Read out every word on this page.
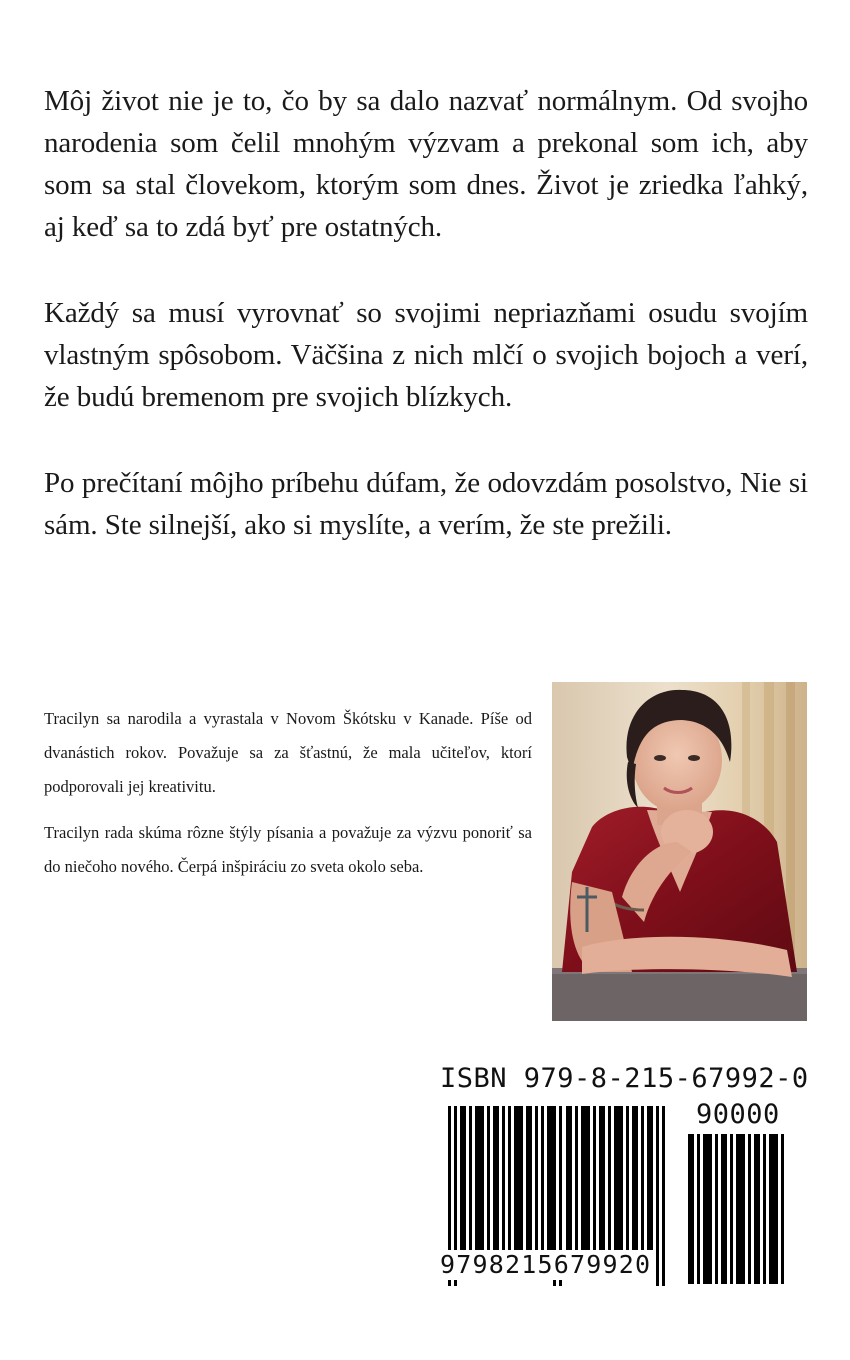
Môj život nie je to, čo by sa dalo nazvať normálnym. Od svojho narodenia som čelil mnohým výzvam a prekonal som ich, aby som sa stal človekom, ktorým som dnes. Život je zriedka ľahký, aj keď sa to zdá byť pre ostatných.

Každý sa musí vyrovnať so svojimi nepriazňami osudu svojím vlastným spôsobom. Väčšina z nich mlčí o svojich bojoch a verí, že budú bremenom pre svojich blízkych.

Po prečítaní môjho príbehu dúfam, že odovzdám posolstvo, Nie si sám. Ste silnejší, ako si myslíte, a verím, že ste prežili.

Tracilyn sa narodila a vyrastala v Novom Škótsku v Kanade. Píše od dvanástich rokov. Považuje sa za šťastnú, že mala učiteľov, ktorí podporovali jej kreativitu.

Tracilyn rada skúma rôzne štýly písania a považuje za výzvu ponoriť sa do niečoho nového. Čerpá inšpiráciu zo sveta okolo seba.

ISBN 979-8-215-67992-0
90000
9798215679920
